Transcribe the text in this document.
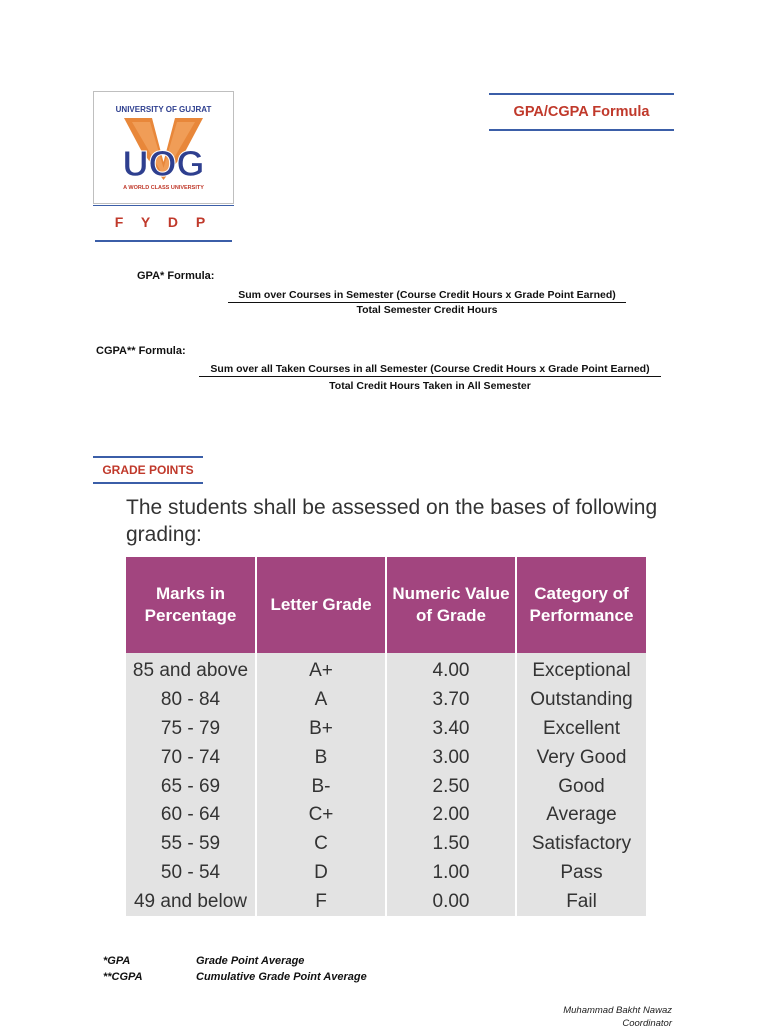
UNIVERSITY OF GUJRAT
UOG
A WORLD CLASS UNIVERSITY
F Y D P
GPA/CGPA Formula
GPA* Formula:
Sum over Courses in Semester (Course Credit Hours x Grade Point Earned)
Total Semester Credit Hours
CGPA** Formula:
Sum over all Taken Courses in all Semester (Course Credit Hours x Grade Point Earned)
Total Credit Hours Taken in All Semester
GRADE POINTS
The students shall be assessed on the bases of following grading:
Marks in Percentage	Letter Grade	Numeric Value of Grade	Category of Performance
85 and above	A+	4.00	Exceptional
80 - 84	A	3.70	Outstanding
75 - 79	B+	3.40	Excellent
70 - 74	B	3.00	Very Good
65 - 69	B-	2.50	Good
60 - 64	C+	2.00	Average
55 - 59	C	1.50	Satisfactory
50 - 54	D	1.00	Pass
49 and below	F	0.00	Fail
*GPA	Grade Point Average
**CGPA	Cumulative Grade Point Average
Muhammad Bakht Nawaz
Coordinator
